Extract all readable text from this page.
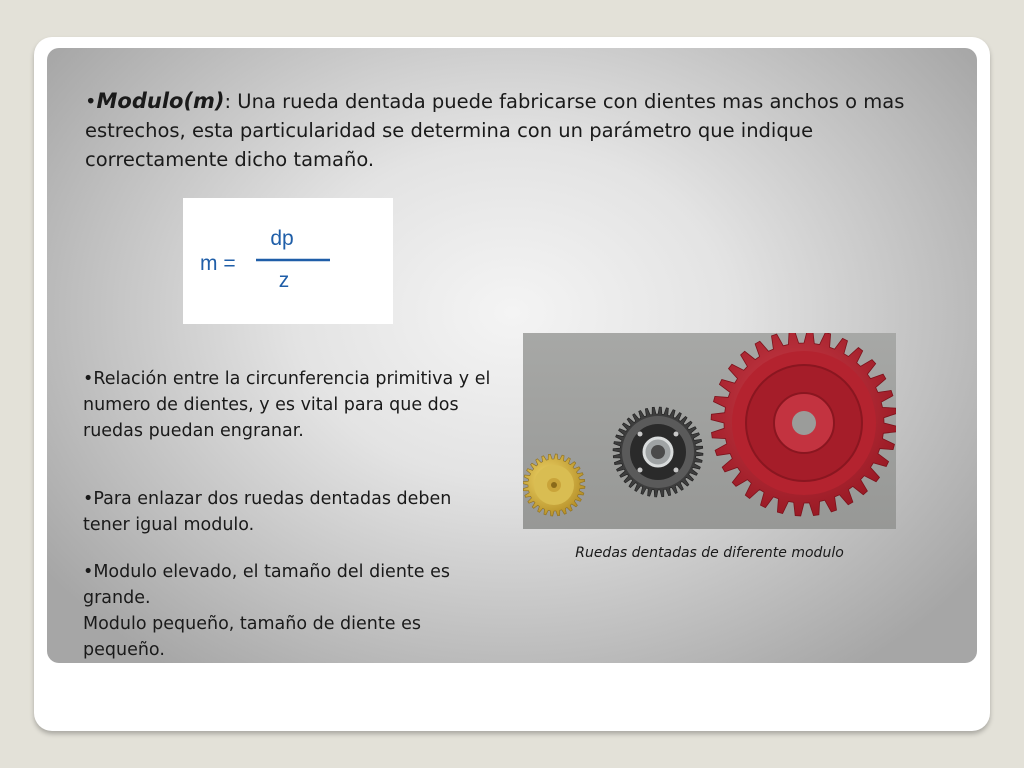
•Modulo(m): Una rueda dentada puede fabricarse con dientes mas anchos o mas estrechos, esta particularidad se determina con un parámetro que indique correctamente dicho tamaño.
m =
dp
z
•Relación entre la circunferencia primitiva y el numero de dientes, y es vital para que dos ruedas puedan engranar.
•Para enlazar dos ruedas dentadas deben tener igual modulo.
•Modulo elevado, el tamaño del diente es grande.
Modulo pequeño, tamaño de diente es pequeño.
Ruedas dentadas de diferente modulo
